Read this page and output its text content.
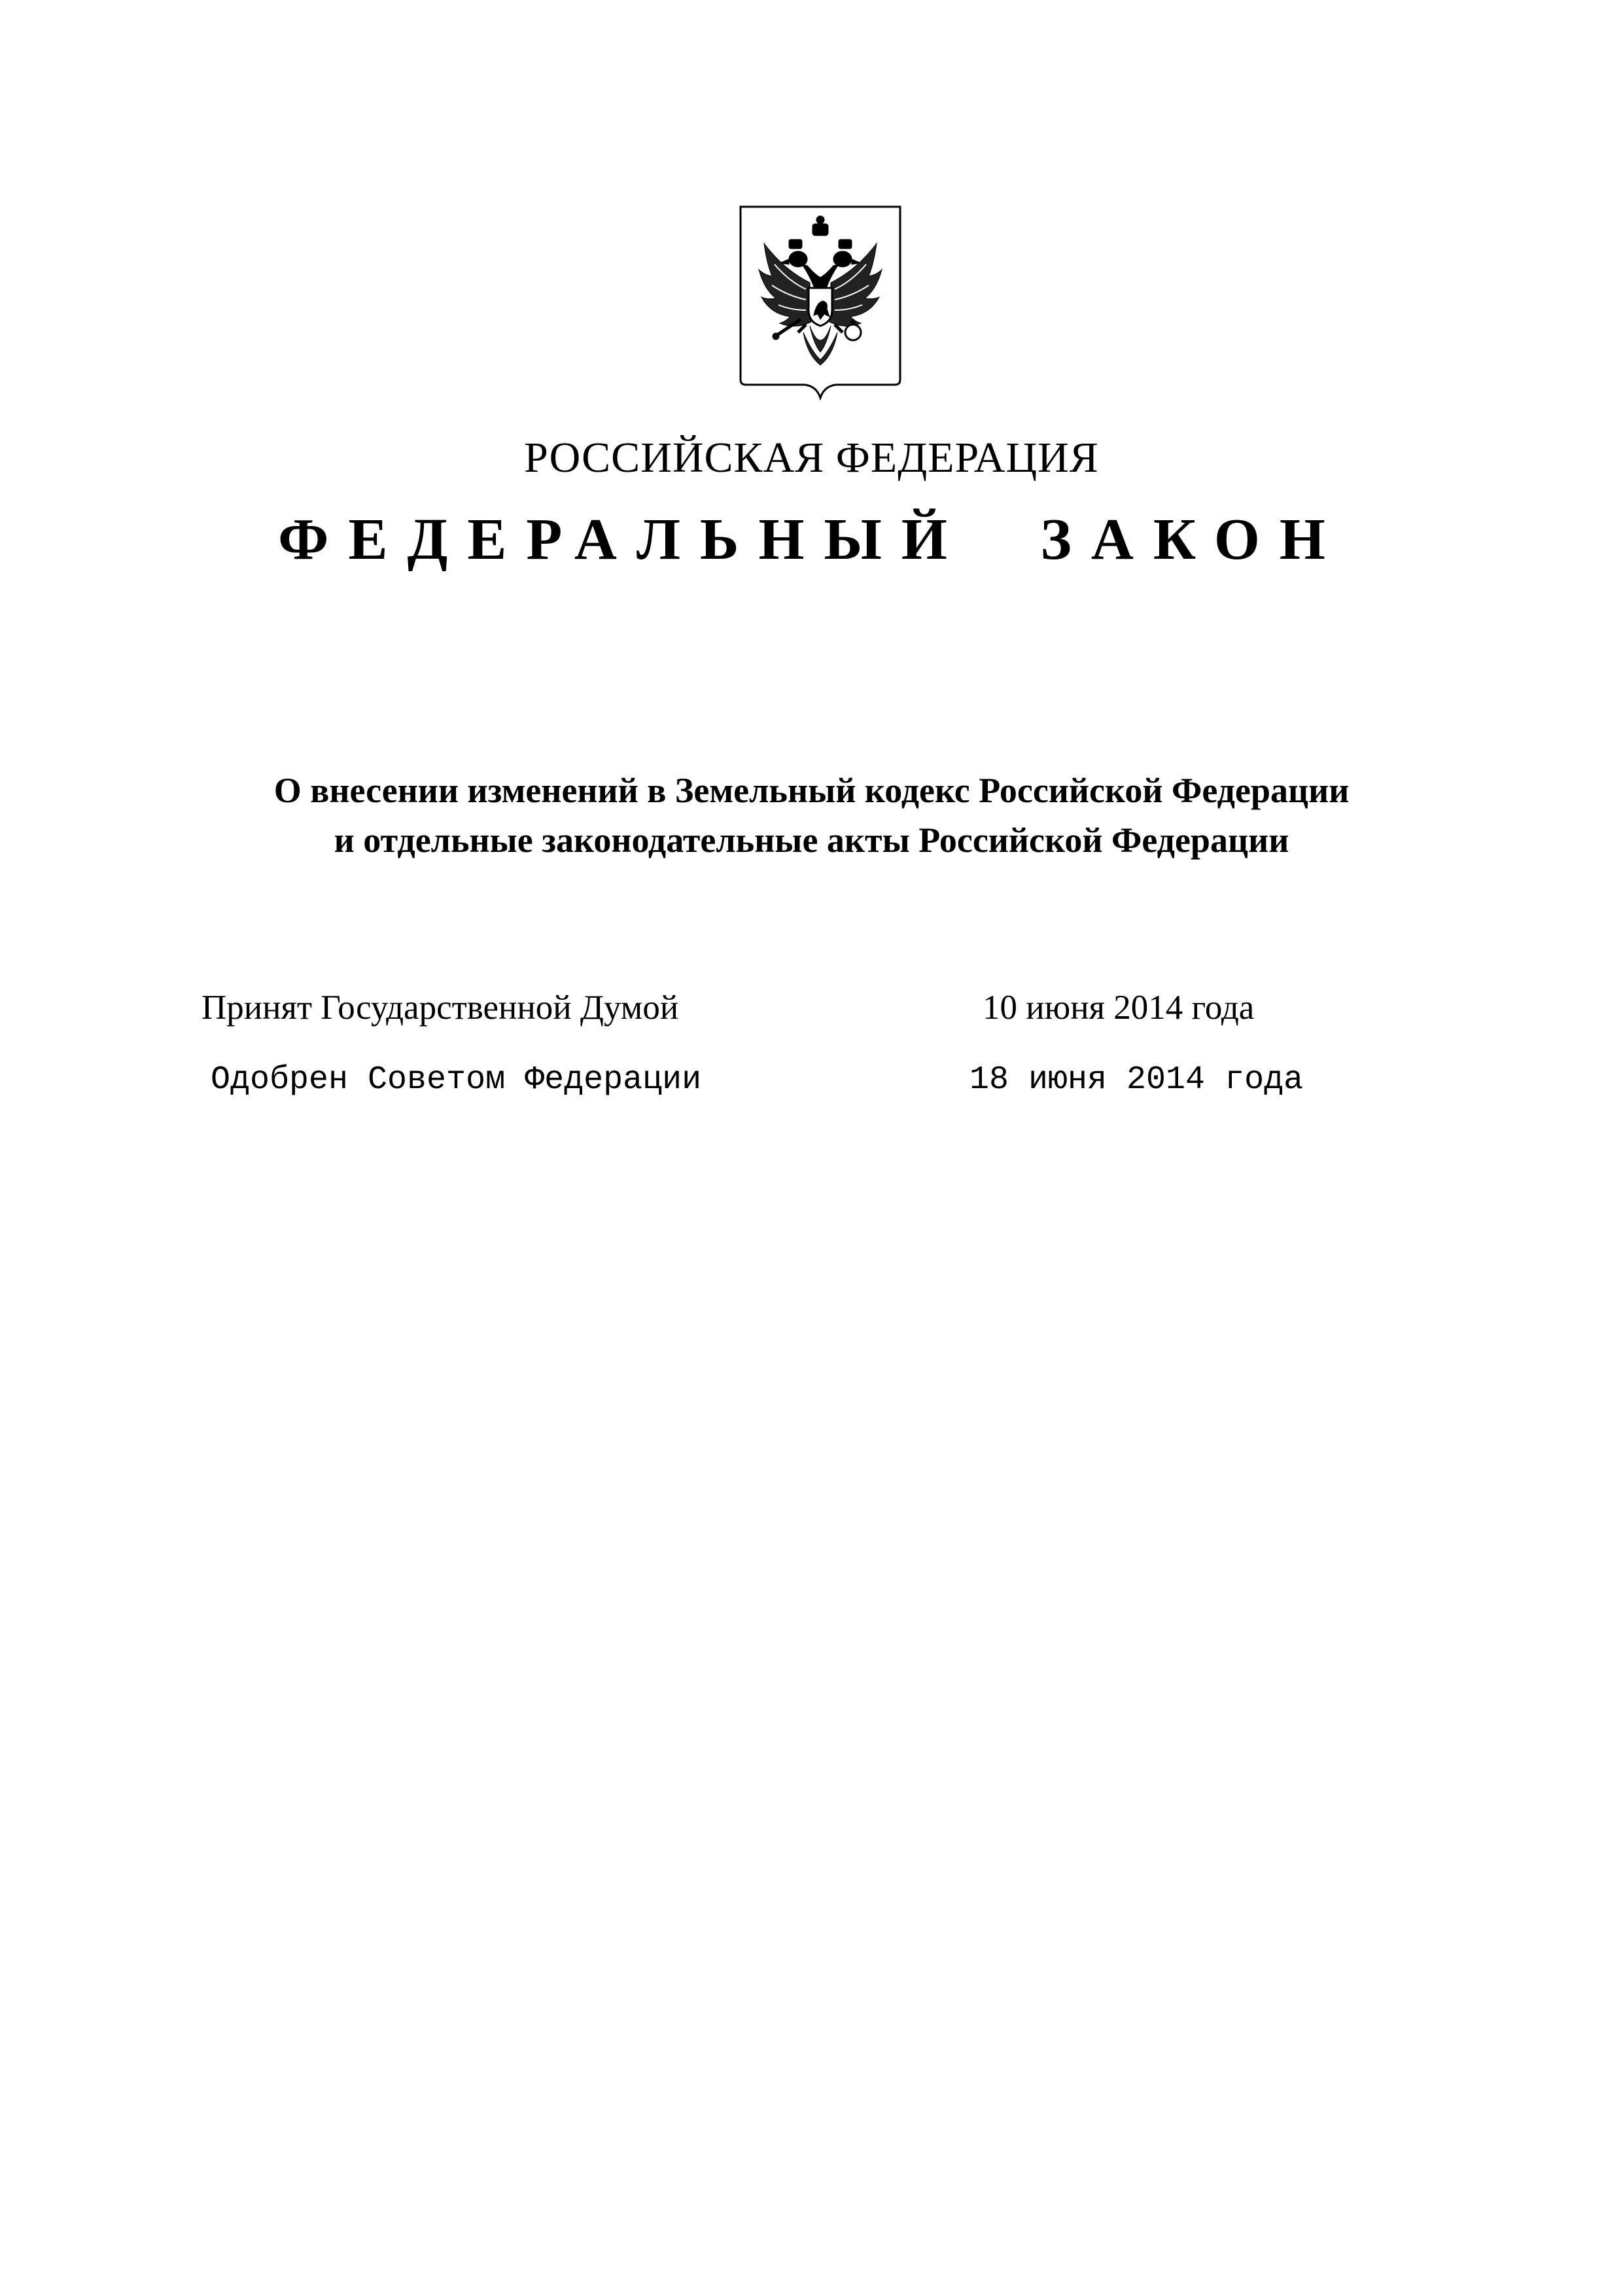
РОССИЙСКАЯ ФЕДЕРАЦИЯ
ФЕДЕРАЛЬНЫЙ ЗАКОН
О внесении изменений в Земельный кодекс Российской Федерации
и отдельные законодательные акты Российской Федерации
Принят Государственной Думой	10 июня 2014 года
Одобрен Советом Федерации	18 июня 2014 года
